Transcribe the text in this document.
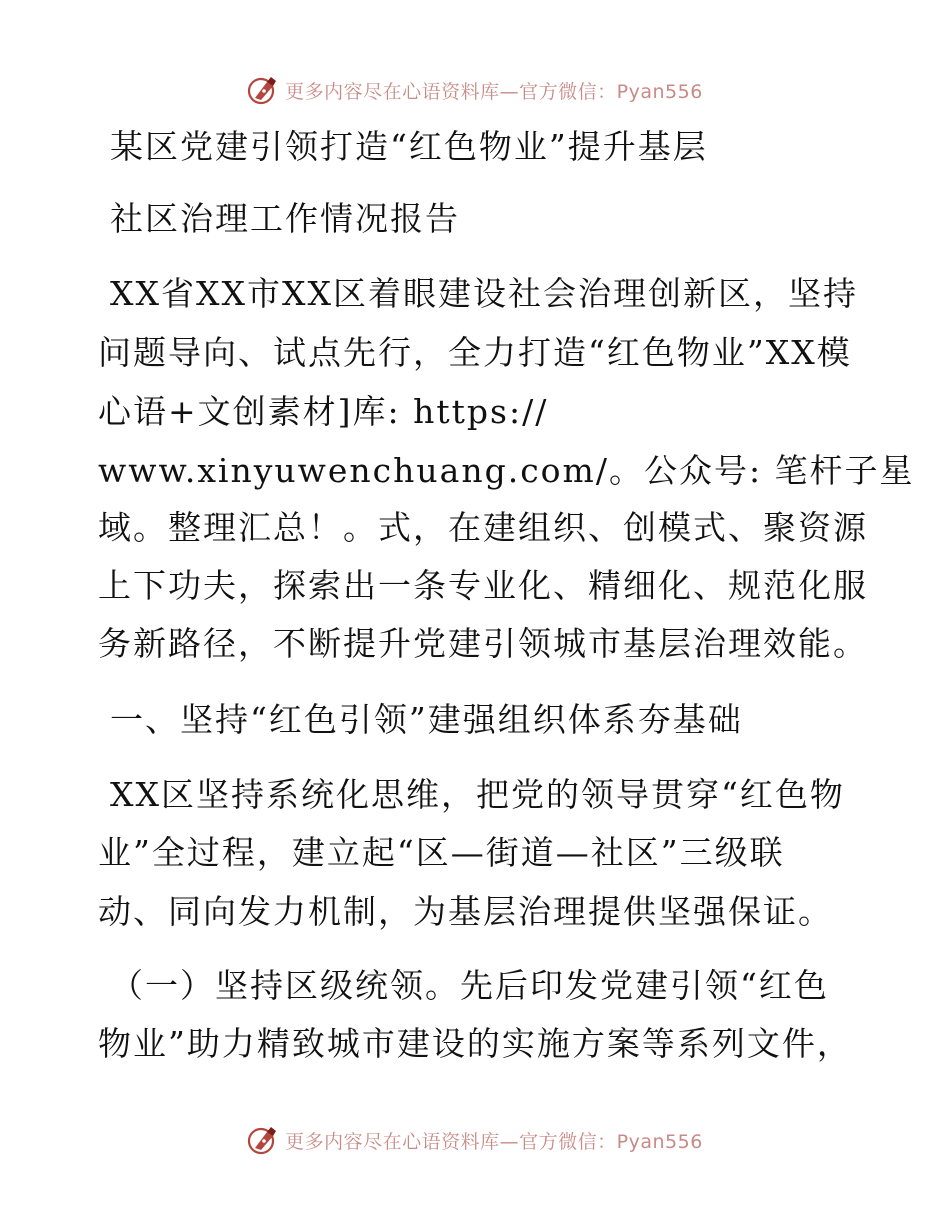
更多内容尽在心语资料库—官方微信：Pyan556
某区党建引领打造“红色物业”提升基层
社区治理工作情况报告
XX省XX市XX区着眼建设社会治理创新区，坚持
问题导向、试点先行，全力打造“红色物业”XX模
心语+文创素材]库: https://
www.xinyuwenchuang.com/。公众号: 笔杆子星
域。整理汇总！。式，在建组织、创模式、聚资源
上下功夫，探索出一条专业化、精细化、规范化服
务新路径，不断提升党建引领城市基层治理效能。
一、坚持“红色引领”建强组织体系夯基础
XX区坚持系统化思维，把党的领导贯穿“红色物
业”全过程，建立起“区—街道—社区”三级联
动、同向发力机制，为基层治理提供坚强保证。
（一）坚持区级统领。先后印发党建引领“红色
物业”助力精致城市建设的实施方案等系列文件，
更多内容尽在心语资料库—官方微信：Pyan556
